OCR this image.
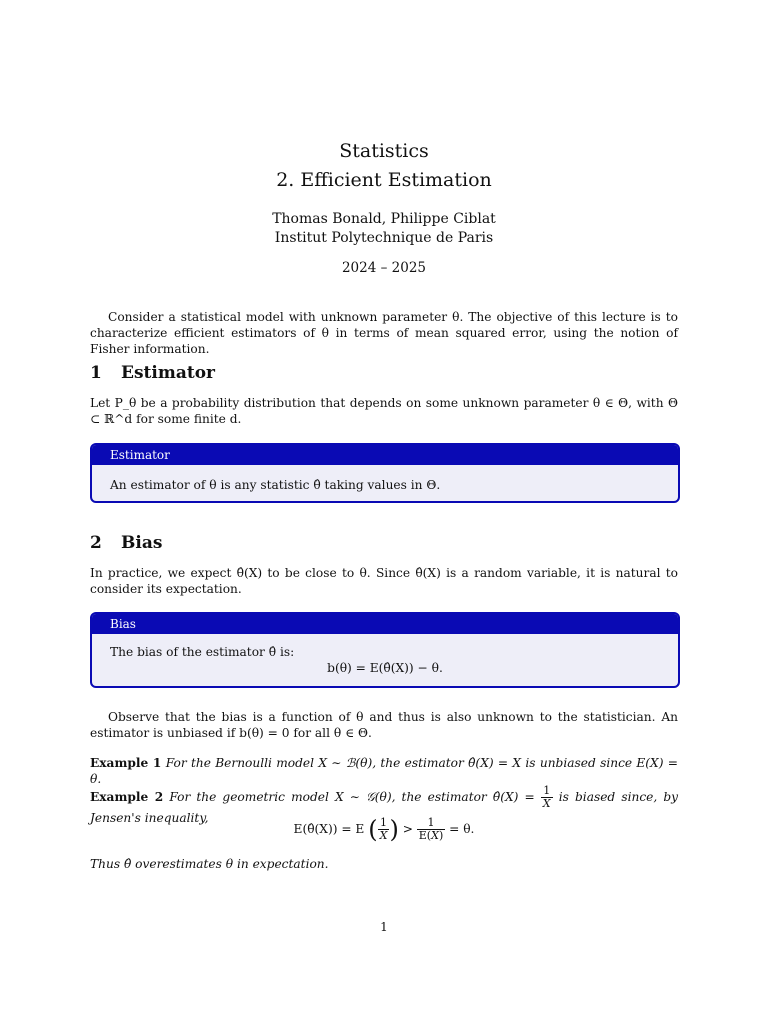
Statistics
2. Efficient Estimation
Thomas Bonald, Philippe Ciblat
Institut Polytechnique de Paris
2024 – 2025
Consider a statistical model with unknown parameter θ. The objective of this lecture is to characterize efficient estimators of θ in terms of mean squared error, using the notion of Fisher information.
1 Estimator
Let P_θ be a probability distribution that depends on some unknown parameter θ ∈ Θ, with Θ ⊂ ℝ^d for some finite d.
Estimator
An estimator of θ is any statistic θ̂ taking values in Θ.
2 Bias
In practice, we expect θ̂(X) to be close to θ. Since θ̂(X) is a random variable, it is natural to consider its expectation.
Bias
The bias of the estimator θ̂ is:
b(θ) = E(θ̂(X)) − θ.
Observe that the bias is a function of θ and thus is also unknown to the statistician. An estimator is unbiased if b(θ) = 0 for all θ ∈ Θ.
Example 1 For the Bernoulli model X ∼ ℬ(θ), the estimator θ̂(X) = X is unbiased since E(X) = θ.
Example 2 For the geometric model X ∼ 𝒢(θ), the estimator θ̂(X) = $\frac{1}{X}$ is biased since, by Jensen's inequality,
E(θ̂(X)) = E ( $\frac{1}{X}$ ) > $\frac{1}{E(X)} = \theta$.
Thus θ̂ overestimates θ in expectation.
1
